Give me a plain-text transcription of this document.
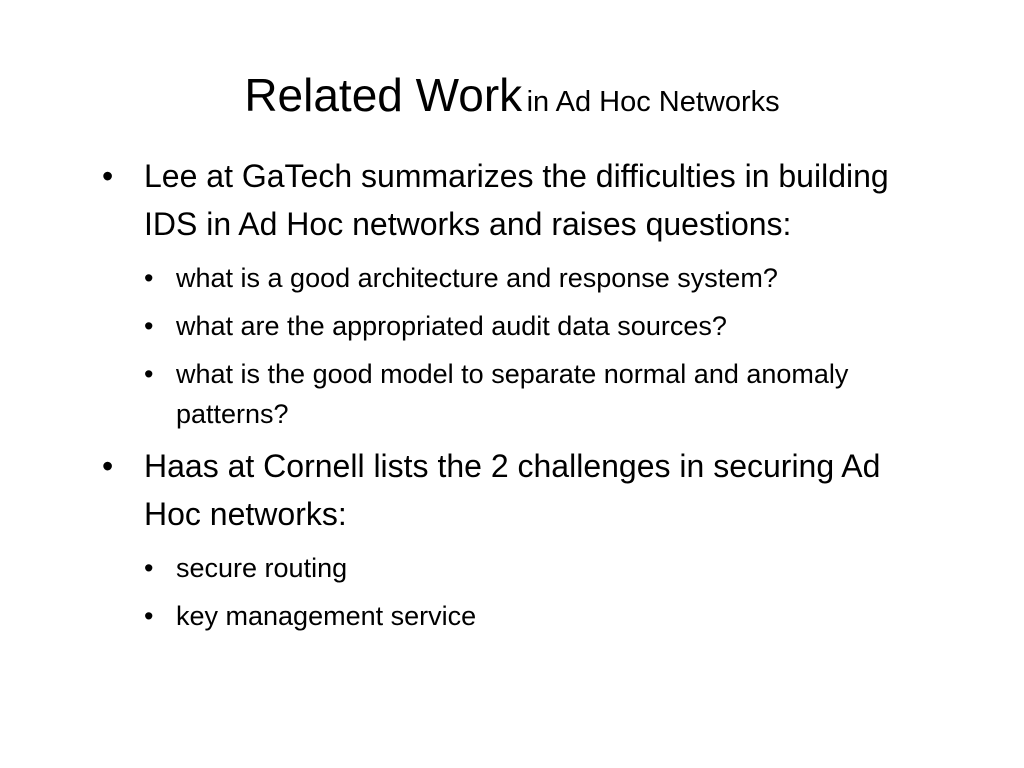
Related Work in Ad Hoc Networks
• Lee at GaTech summarizes the difficulties in building IDS in Ad Hoc networks and raises questions:
• what is a good architecture and response system?
• what are the appropriated audit data sources?
• what is the good model to separate normal and anomaly patterns?
• Haas at Cornell lists the 2 challenges in securing Ad Hoc networks:
• secure routing
• key management service
